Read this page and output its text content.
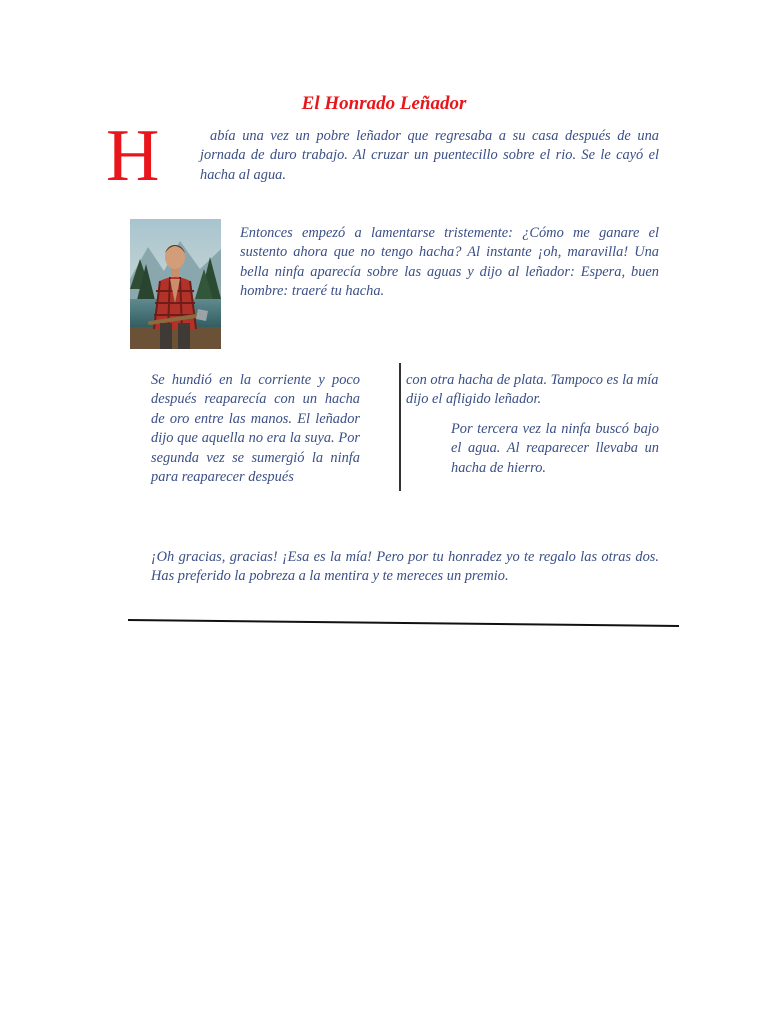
El Honrado Leñador
H	abía una vez un pobre leñador que regresaba a su casa después de una jornada de duro trabajo. Al cruzar un puentecillo sobre el rio. Se le cayó el hacha al agua.

Entonces empezó a lamentarse tristemente: ¿Cómo me ganare el sustento ahora que no tengo hacha? Al instante ¡oh, maravilla! Una bella ninfa aparecía sobre las aguas y dijo al leñador: Espera, buen hombre: traeré tu hacha.

Se hundió en la corriente y poco después reaparecía con un hacha de oro entre las manos. El leñador dijo que aquella no era la suya. Por segunda vez se sumergió la ninfa para reaparecer después

con otra hacha de plata. Tampoco es la mía dijo el afligido leñador.

Por tercera vez la ninfa buscó bajo el agua. Al reaparecer llevaba un hacha de hierro.

¡Oh gracias, gracias! ¡Esa es la mía! Pero por tu honradez yo te regalo las otras dos. Has preferido la pobreza a la mentira y te mereces un premio.
